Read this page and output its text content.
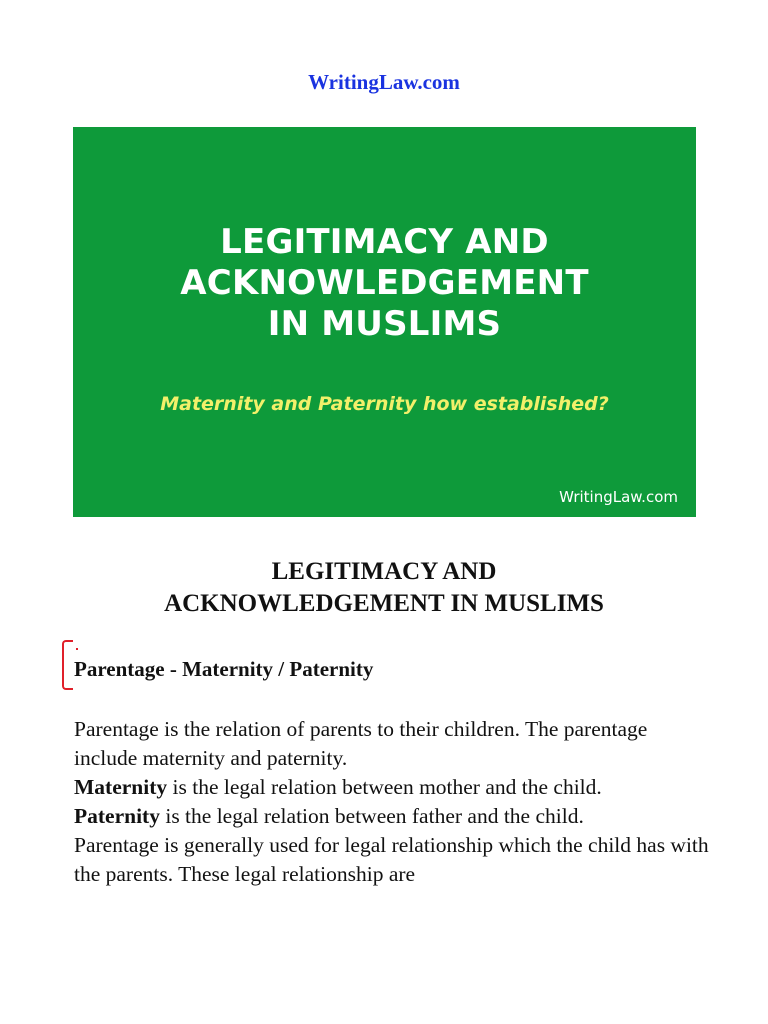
WritingLaw.com
LEGITIMACY AND
ACKNOWLEDGEMENT
IN MUSLIMS
Maternity and Paternity how established?
WritingLaw.com
LEGITIMACY AND
ACKNOWLEDGEMENT IN MUSLIMS
Parentage - Maternity / Paternity

Parentage is the relation of parents to their children. The parentage include maternity and paternity.

Maternity is the legal relation between mother and the child.

Paternity is the legal relation between father and the child.

Parentage is generally used for legal relationship which the child has with the parents. These legal relationship are
